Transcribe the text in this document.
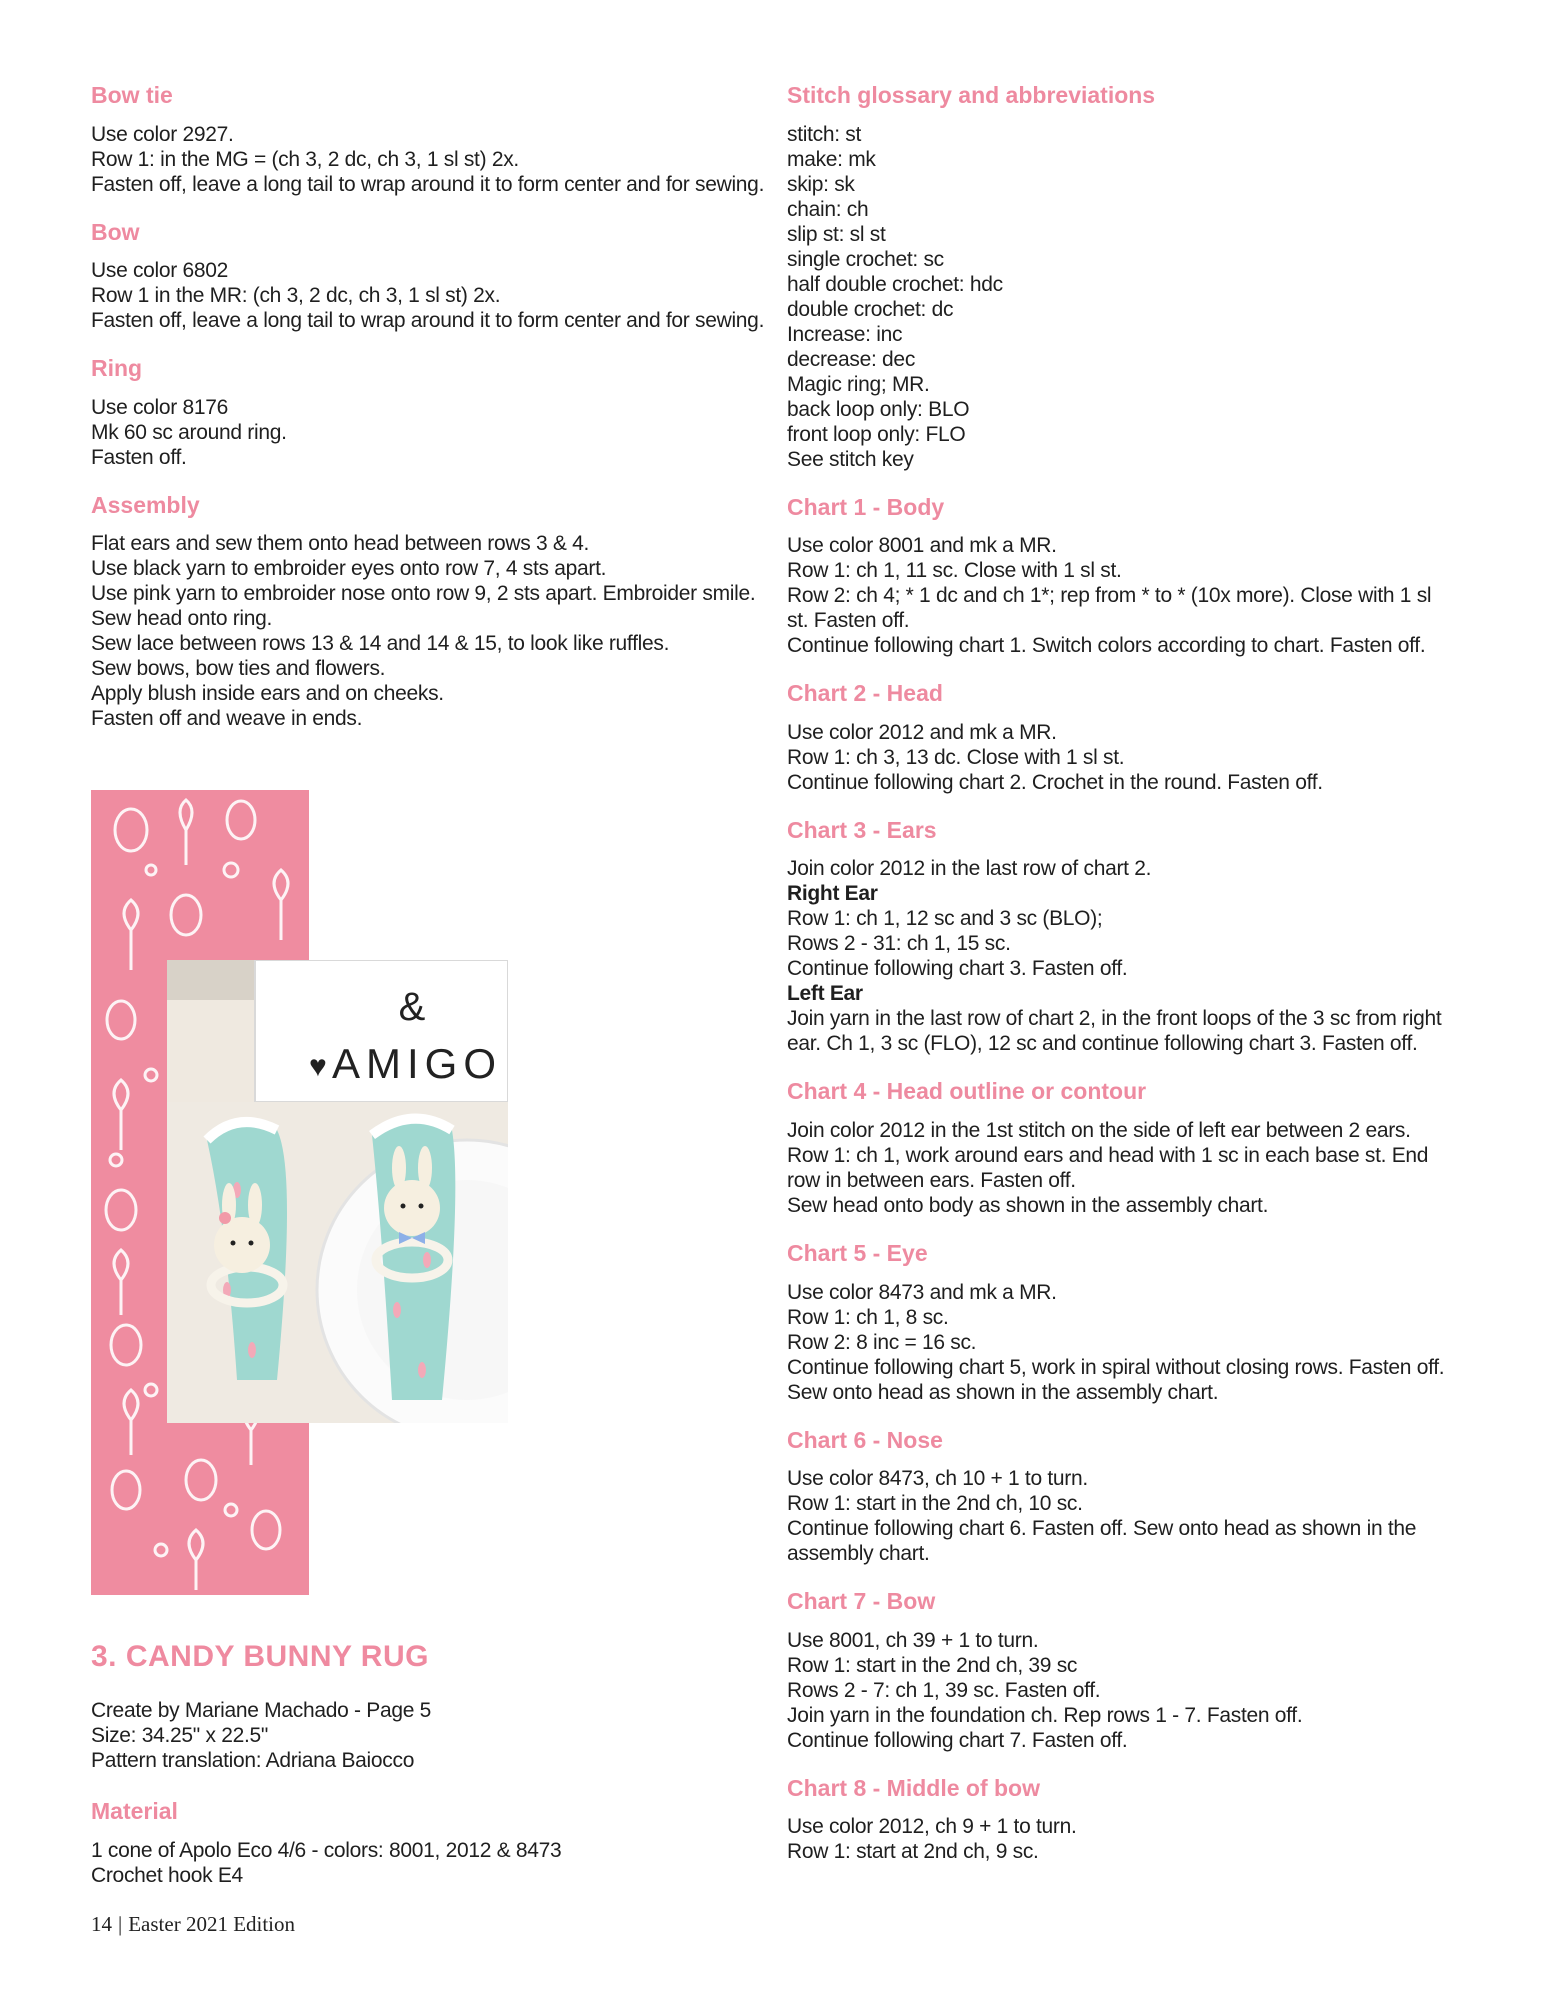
Bow tie
Use color 2927.
Row 1: in the MG = (ch 3, 2 dc, ch 3, 1 sl st) 2x.
Fasten off, leave a long tail to wrap around it to form center and for sewing.
Bow
Use color 6802
Row 1 in the MR: (ch 3, 2 dc, ch 3, 1 sl st) 2x.
Fasten off, leave a long tail to wrap around it to form center and for sewing.
Ring
Use color 8176
Mk 60 sc around ring.
Fasten off.
Assembly
Flat ears and sew them onto head between rows 3 & 4.
Use black yarn to embroider eyes onto row 7, 4 sts apart.
Use pink yarn to embroider nose onto row 9, 2 sts apart. Embroider smile.
Sew head onto ring.
Sew lace between rows 13 & 14 and 14 & 15, to look like ruffles.
Sew bows, bow ties and flowers.
Apply blush inside ears and on cheeks.
Fasten off and weave in ends.
&
♥ AMIGO
3. CANDY BUNNY RUG
Create by Mariane Machado - Page 5
Size: 34.25" x 22.5"
Pattern translation: Adriana Baiocco
Material
1 cone of Apolo Eco 4/6 - colors: 8001, 2012 & 8473
Crochet hook E4
Stitch glossary and abbreviations
stitch: st
make: mk
skip: sk
chain: ch
slip st: sl st
single crochet: sc
half double crochet: hdc
double crochet: dc
Increase: inc
decrease: dec
Magic ring; MR.
back loop only: BLO
front loop only: FLO
See stitch key
Chart 1 - Body
Use color 8001 and mk a MR.
Row 1: ch 1, 11 sc. Close with 1 sl st.
Row 2: ch 4; * 1 dc and ch 1*; rep from * to * (10x more). Close with 1 sl
st. Fasten off.
Continue following chart 1. Switch colors according to chart. Fasten off.
Chart 2 - Head
Use color 2012 and mk a MR.
Row 1: ch 3, 13 dc. Close with 1 sl st.
Continue following chart 2. Crochet in the round. Fasten off.
Chart 3 - Ears
Join color 2012 in the last row of chart 2.
Right Ear
Row 1: ch 1, 12 sc and 3 sc (BLO);
Rows 2 - 31: ch 1, 15 sc.
Continue following chart 3. Fasten off.
Left Ear
Join yarn in the last row of chart 2, in the front loops of the 3 sc from right
ear. Ch 1, 3 sc (FLO), 12 sc and continue following chart 3. Fasten off.
Chart 4 - Head outline or contour
Join color 2012 in the 1st stitch on the side of left ear between 2 ears.
Row 1: ch 1, work around ears and head with 1 sc in each base st. End
row in between ears. Fasten off.
Sew head onto body as shown in the assembly chart.
Chart 5 - Eye
Use color 8473 and mk a MR.
Row 1: ch 1, 8 sc.
Row 2: 8 inc = 16 sc.
Continue following chart 5, work in spiral without closing rows. Fasten off.
Sew onto head as shown in the assembly chart.
Chart 6 - Nose
Use color 8473, ch 10 + 1 to turn.
Row 1: start in the 2nd ch, 10 sc.
Continue following chart 6. Fasten off. Sew onto head as shown in the
assembly chart.
Chart 7 - Bow
Use 8001, ch 39 + 1 to turn.
Row 1: start in the 2nd ch, 39 sc
Rows 2 - 7: ch 1, 39 sc. Fasten off.
Join yarn in the foundation ch. Rep rows 1 - 7. Fasten off.
Continue following chart 7. Fasten off.
Chart 8 - Middle of bow
Use color 2012, ch 9 + 1 to turn.
Row 1: start at 2nd ch, 9 sc.
14 | Easter 2021 Edition
